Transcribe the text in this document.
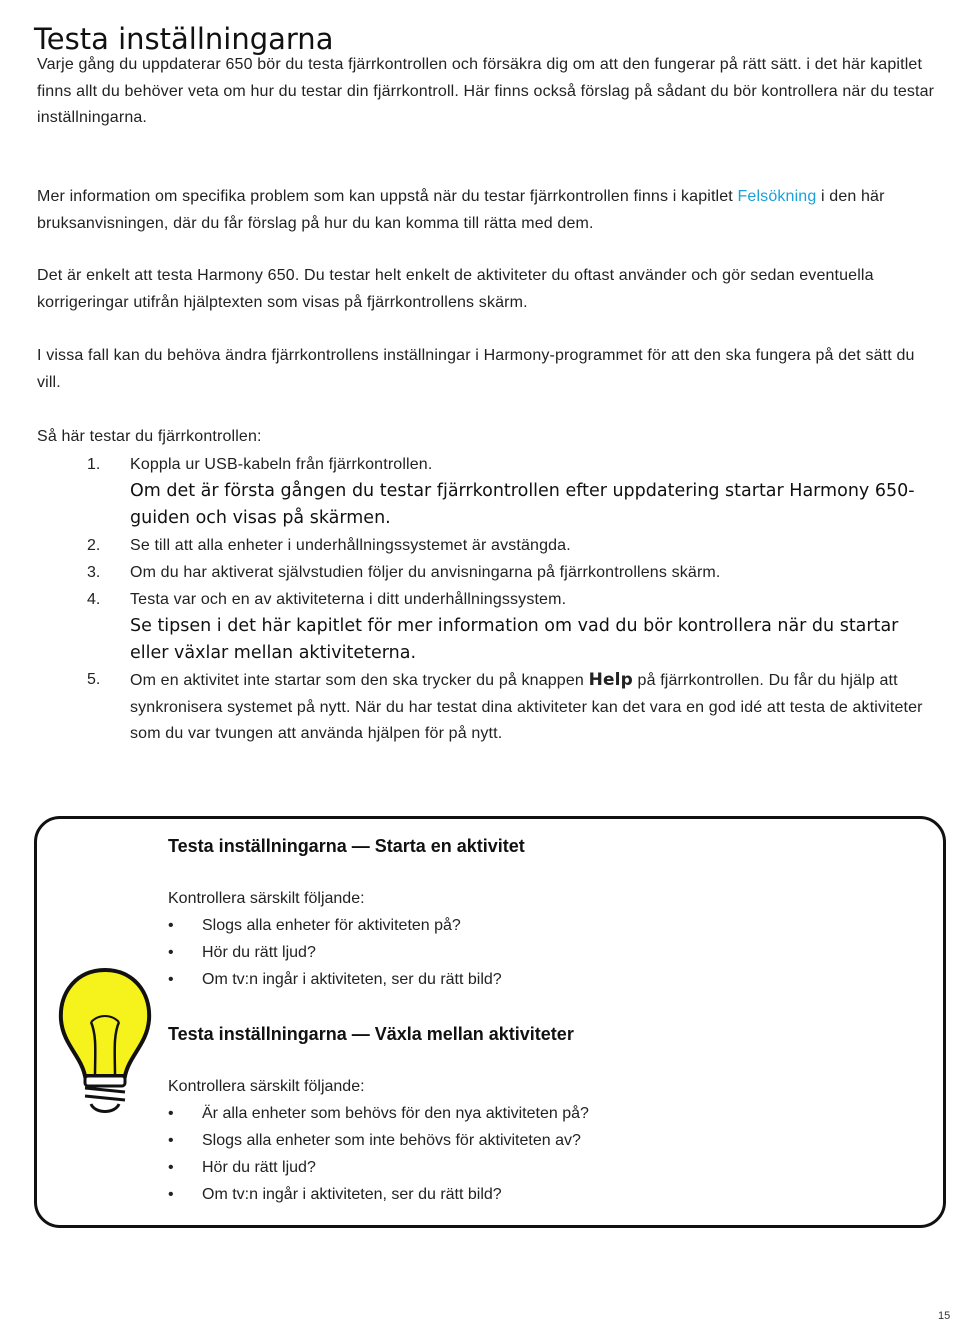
Testa inställningarna

Varje gång du uppdaterar 650 bör du testa fjärrkontrollen och försäkra dig om att den fungerar på rätt sätt. i det här kapitlet finns allt du behöver veta om hur du testar din fjärrkontroll. Här finns också förslag på sådant du bör kontrollera när du testar inställningarna.

Mer information om specifika problem som kan uppstå när du testar fjärrkontrollen finns i kapitlet Felsökning i den här bruksanvisningen, där du får förslag på hur du kan komma till rätta med dem.

Det är enkelt att testa Harmony 650. Du testar helt enkelt de aktiviteter du oftast använder och gör sedan eventuella korrigeringar utifrån hjälptexten som visas på fjärrkontrollens skärm.

I vissa fall kan du behöva ändra fjärrkontrollens inställningar i Harmony-programmet för att den ska fungera på det sätt du vill.

Så här testar du fjärrkontrollen:

1.	Koppla ur USB-kabeln från fjärrkontrollen.
Om det är första gången du testar fjärrkontrollen efter uppdatering startar Harmony 650-guiden och visas på skärmen.
2.	Se till att alla enheter i underhållningssystemet är avstängda.
3.	Om du har aktiverat självstudien följer du anvisningarna på fjärrkontrollens skärm.
4.	Testa var och en av aktiviteterna i ditt underhållningssystem.
Se tipsen i det här kapitlet för mer information om vad du bör kontrollera när du startar eller växlar mellan aktiviteterna.
5.	Om en aktivitet inte startar som den ska trycker du på knappen Help på fjärrkontrollen. Du får du hjälp att synkronisera systemet på nytt. När du har testat dina aktiviteter kan det vara en god idé att testa de aktiviteter som du var tvungen att använda hjälpen för på nytt.
Testa inställningarna — Starta en aktivitet
Kontrollera särskilt följande:
• Slogs alla enheter för aktiviteten på?
• Hör du rätt ljud?
• Om tv:n ingår i aktiviteten, ser du rätt bild?
Testa inställningarna — Växla mellan aktiviteter
Kontrollera särskilt följande:
• Är alla enheter som behövs för den nya aktiviteten på?
• Slogs alla enheter som inte behövs för aktiviteten av?
• Hör du rätt ljud?
• Om tv:n ingår i aktiviteten, ser du rätt bild?
15
